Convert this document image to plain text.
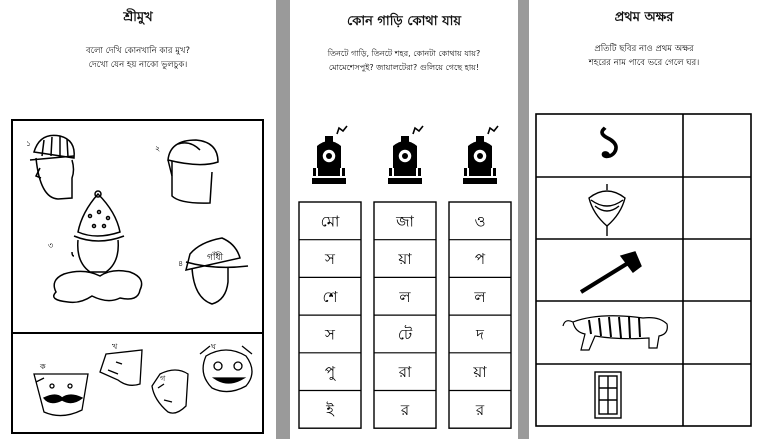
শ্রীমুখ
বলো দেখি কোনখানি কার মুখ?
দেখো যেন হয় নাকো ভুলচুক।
১
২
৩
৪
গাঁধী
ক
খ
গ
ঘ
কোন গাড়ি কোথা যায়
তিনটে গাড়ি, তিনটে শহর, কোনটা কোথায় যায়?
মোমেশেসপুই? জায়ালটেরা? গুলিয়ে গেছে হায়!
মো
স
শে
স
পু
ই
জা
য়া
ল
টে
রা
র
ও
প
ল
দ
য়া
র
প্রথম অক্ষর
প্রতিটি ছবির নাও প্রথম অক্ষর
শহরের নাম পাবে ভরে গেলে ঘর।
১
